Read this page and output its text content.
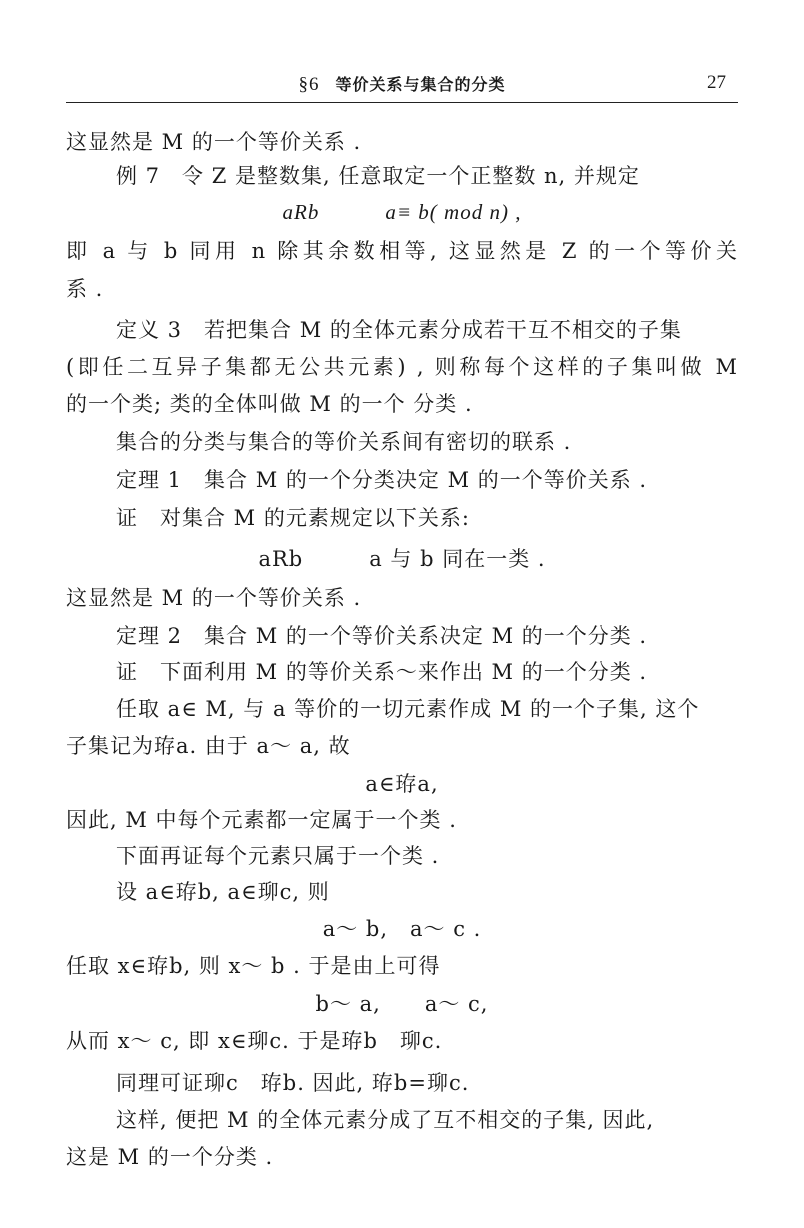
§6 等价关系与集合的分类	27
这显然是 M 的一个等价关系 .
例 7　令 Z 是整数集, 任意取定一个正整数 n, 并规定
aRb　　　a≡ b( mod n) ,
即 a 与 b 同用 n 除其余数相等, 这显然是 Z 的一个等价关
系 .
定义 3　若把集合 M 的全体元素分成若干互不相交的子集
(即任二互异子集都无公共元素) , 则称每个这样的子集叫做 M
的一个类; 类的全体叫做 M 的一个 分类 .
集合的分类与集合的等价关系间有密切的联系 .
定理 1　集合 M 的一个分类决定 M 的一个等价关系 .
证　对集合 M 的元素规定以下关系:
aRb　　　a 与 b 同在一类 .
这显然是 M 的一个等价关系 .
定理 2　集合 M 的一个等价关系决定 M 的一个分类 .
证　下面利用 M 的等价关系～来作出 M 的一个分类 .
任取 a∈ M, 与 a 等价的一切元素作成 M 的一个子集, 这个
子集记为珔a. 由于 a～ a, 故
a∈珔a,
因此, M 中每个元素都一定属于一个类 .
下面再证每个元素只属于一个类 .
设 a∈珔b, a∈珋c, 则
a～ b,　a～ c .
任取 x∈珔b, 则 x～ b . 于是由上可得
b～ a,　　a～ c,
从而 x～ c, 即 x∈珋c. 于是珔b　珋c.
同理可证珋c　珔b. 因此, 珔b=珋c.
这样, 便把 M 的全体元素分成了互不相交的子集, 因此,
这是 M 的一个分类 .
